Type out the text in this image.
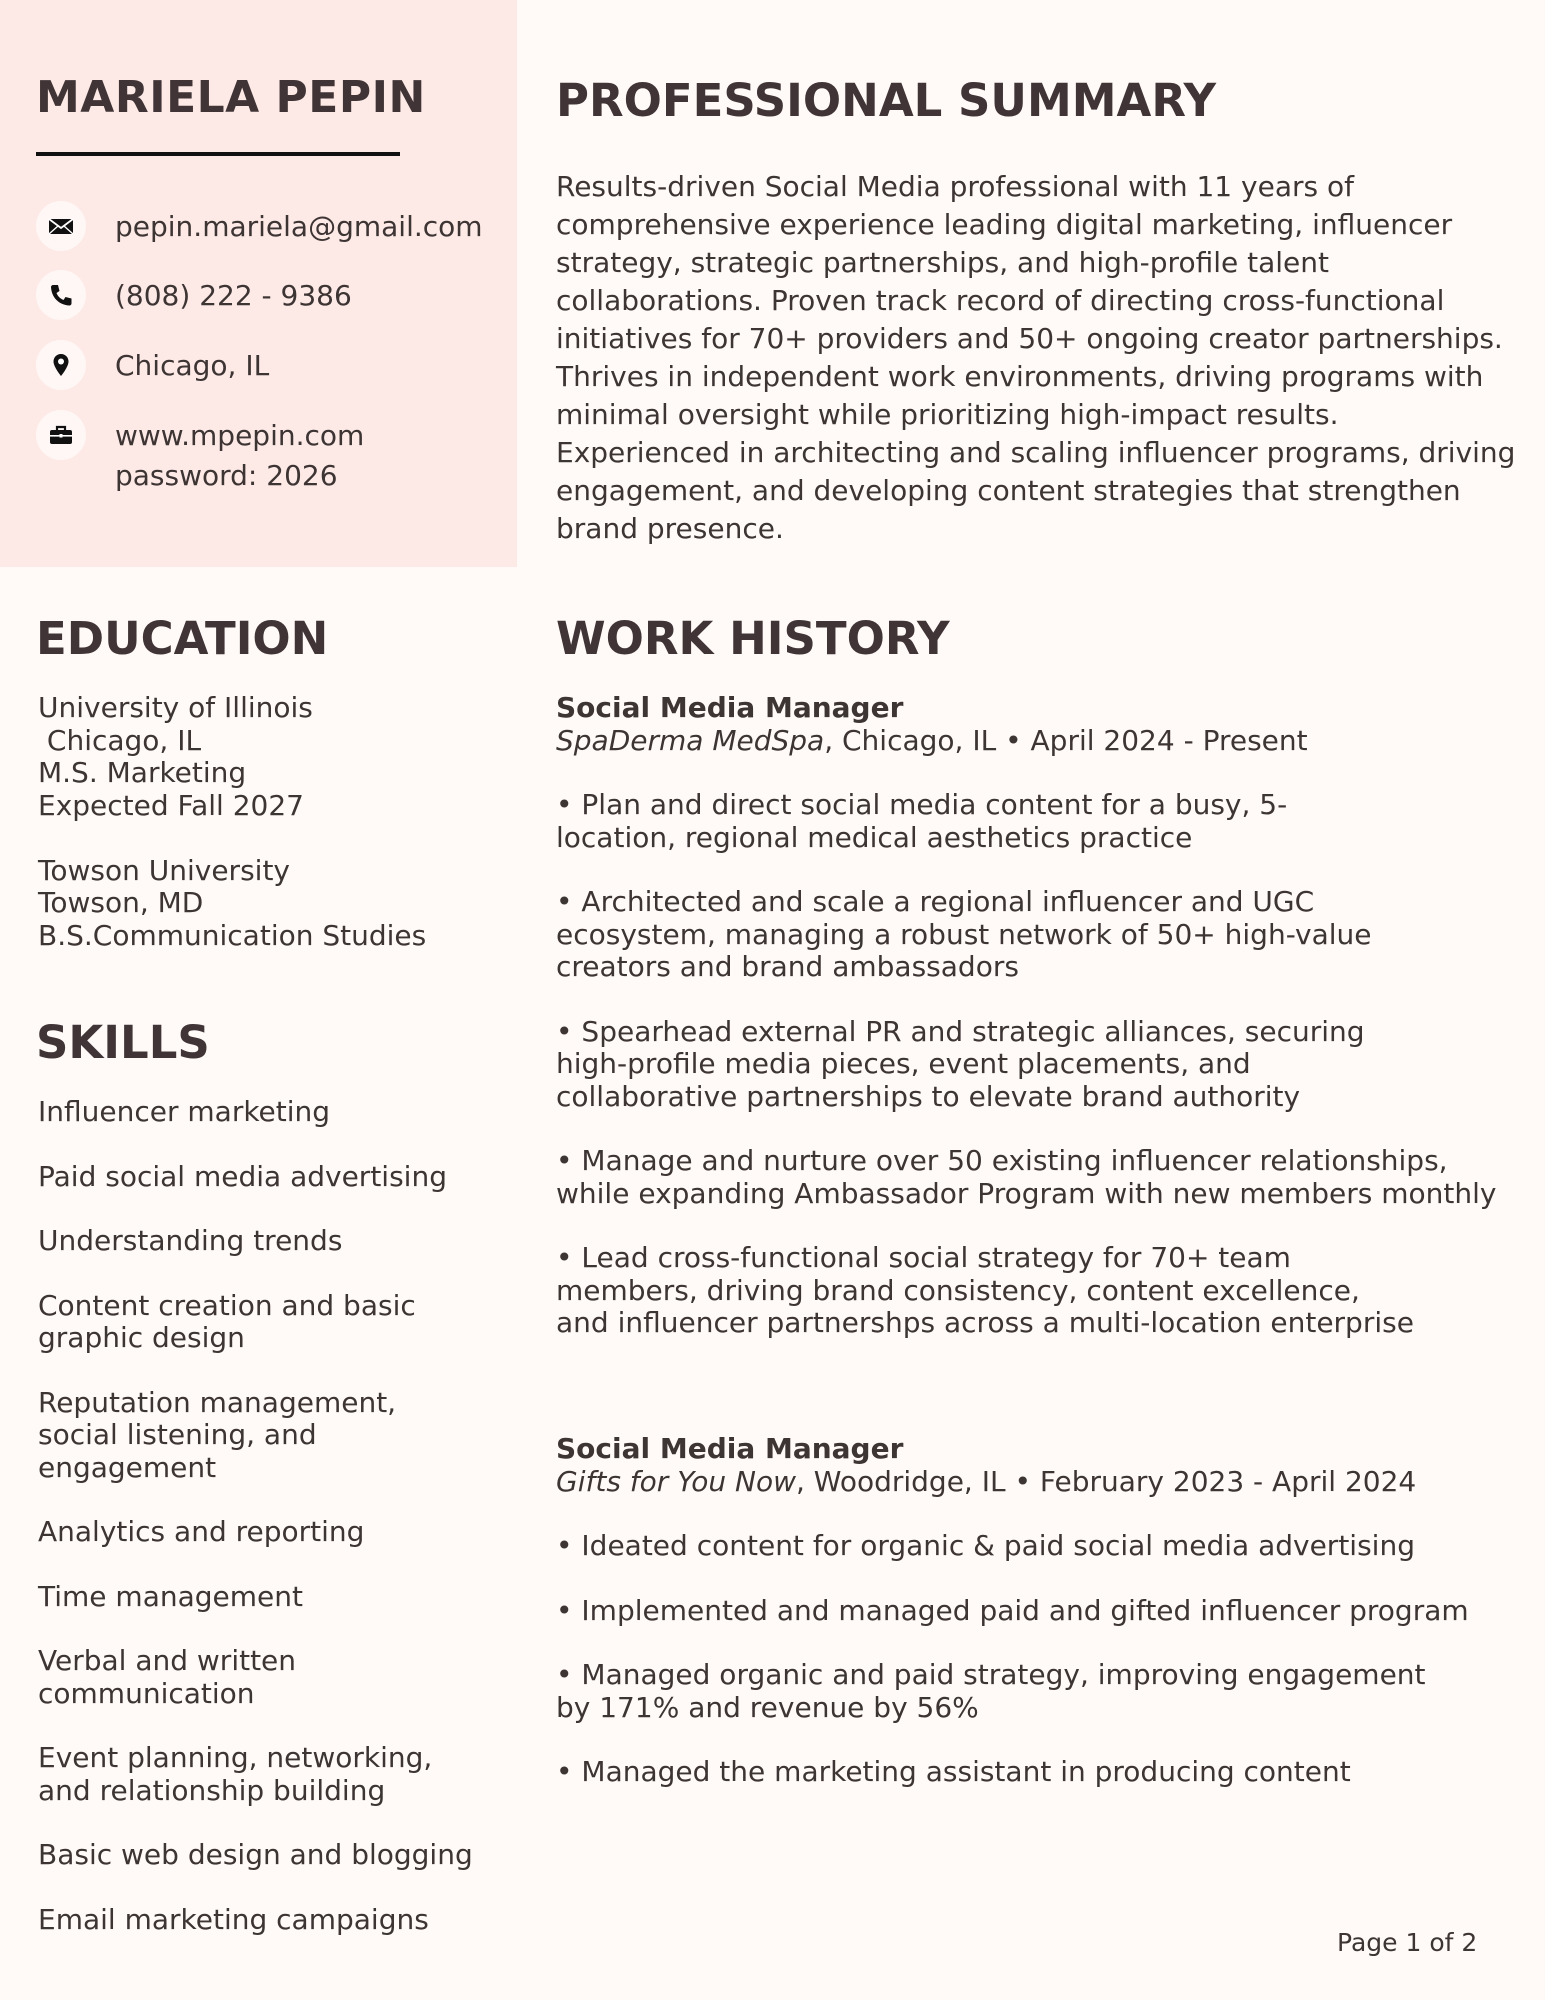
MARIELA PEPIN
pepin.mariela@gmail.com
(808) 222 - 9386
Chicago, IL
www.mpepin.com
password: 2026
PROFESSIONAL SUMMARY

Results-driven Social Media professional with 11 years of comprehensive experience leading digital marketing, influencer strategy, strategic partnerships, and high-profile talent collaborations. Proven track record of directing cross-functional initiatives for 70+ providers and 50+ ongoing creator partnerships. Thrives in independent work environments, driving programs with minimal oversight while prioritizing high-impact results. Experienced in architecting and scaling influencer programs, driving engagement, and developing content strategies that strengthen brand presence.

EDUCATION
University of Illinois
Chicago, IL
M.S. Marketing
Expected Fall 2027
Towson University
Towson, MD
B.S.Communication Studies
SKILLS
Influencer marketing
Paid social media advertising
Understanding trends
Content creation and basic graphic design
Reputation management, social listening, and engagement
Analytics and reporting
Time management
Verbal and written communication
Event planning, networking, and relationship building
Basic web design and blogging
Email marketing campaigns
WORK HISTORY
Social Media Manager
SpaDerma MedSpa, Chicago, IL • April 2024 - Present
• Plan and direct social media content for a busy, 5-location, regional medical aesthetics practice
• Architected and scale a regional influencer and UGC ecosystem, managing a robust network of 50+ high-value creators and brand ambassadors
• Spearhead external PR and strategic alliances, securing high-profile media pieces, event placements, and collaborative partnerships to elevate brand authority
• Manage and nurture over 50 existing influencer relationships, while expanding Ambassador Program with new members monthly
• Lead cross-functional social strategy for 70+ team members, driving brand consistency, content excellence, and influencer partnershps across a multi-location enterprise
Social Media Manager
Gifts for You Now, Woodridge, IL • February 2023 - April 2024
• Ideated content for organic & paid social media advertising
• Implemented and managed paid and gifted influencer program
• Managed organic and paid strategy, improving engagement by 171% and revenue by 56%
• Managed the marketing assistant in producing content
Page 1 of 2
